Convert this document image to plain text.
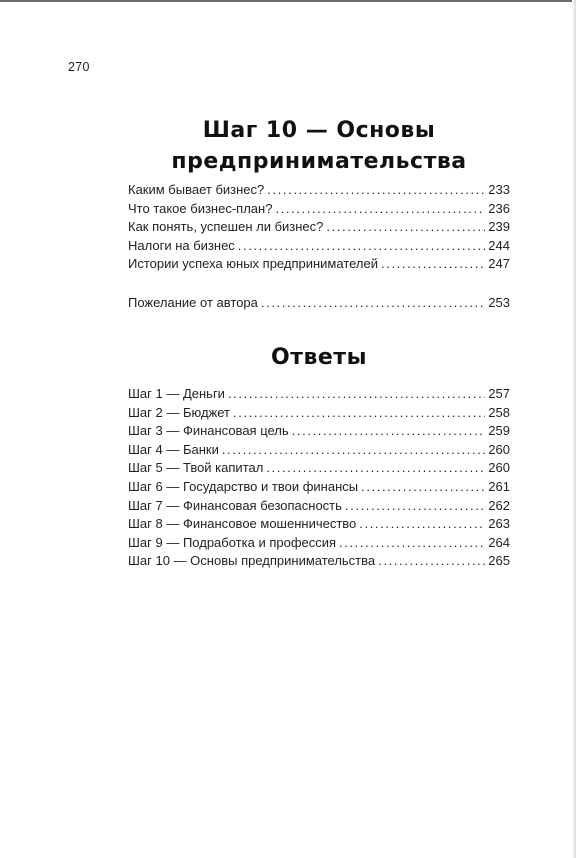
270
Шаг 10 — Основы
предпринимательства
Каким бывает бизнес? .....	233
Что такое бизнес-план? .....	236
Как понять, успешен ли бизнес? .....	239
Налоги на бизнес .....	244
Истории успеха юных предпринимателей .....	247
Пожелание от автора .....	253
Ответы
Шаг 1 — Деньги .....	257
Шаг 2 — Бюджет .....	258
Шаг 3 — Финансовая цель .....	259
Шаг 4 — Банки .....	260
Шаг 5 — Твой капитал .....	260
Шаг 6 — Государство и твои финансы .....	261
Шаг 7 — Финансовая безопасность .....	262
Шаг 8 — Финансовое мошенничество .....	263
Шаг 9 — Подработка и профессия .....	264
Шаг 10 — Основы предпринимательства .....	265
